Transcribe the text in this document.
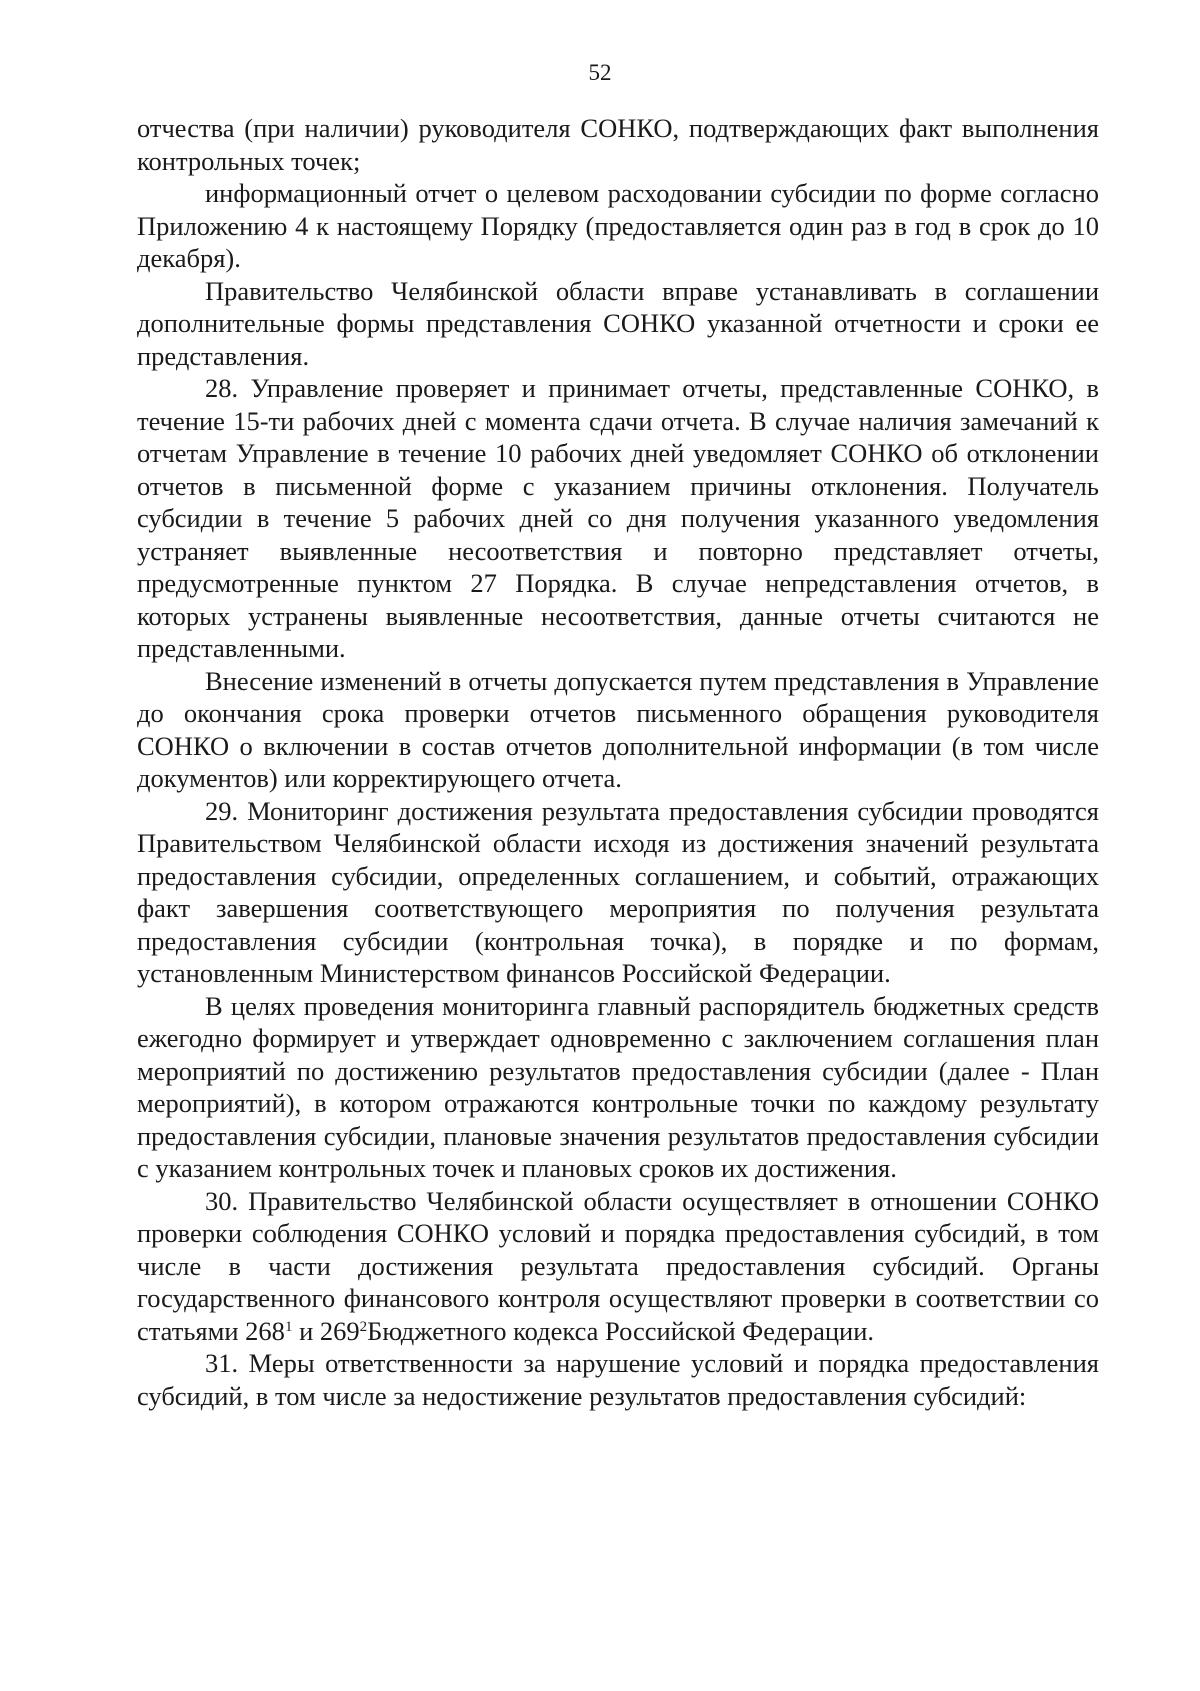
52

отчества (при наличии) руководителя СОНКО, подтверждающих факт выполнения контрольных точек;

информационный отчет о целевом расходовании субсидии по форме согласно Приложению 4 к настоящему Порядку (предоставляется один раз в год в срок до 10 декабря).

Правительство Челябинской области вправе устанавливать в соглашении дополнительные формы представления СОНКО указанной отчетности и сроки ее представления.

28. Управление проверяет и принимает отчеты, представленные СОНКО, в течение 15-ти рабочих дней с момента сдачи отчета. В случае наличия замечаний к отчетам Управление в течение 10 рабочих дней уведомляет СОНКО об отклонении отчетов в письменной форме с указанием причины отклонения. Получатель субсидии в течение 5 рабочих дней со дня получения указанного уведомления устраняет выявленные несоответствия и повторно представляет отчеты, предусмотренные пунктом 27 Порядка. В случае непредставления отчетов, в которых устранены выявленные несоответствия, данные отчеты считаются не представленными.

Внесение изменений в отчеты допускается путем представления в Управление до окончания срока проверки отчетов письменного обращения руководителя СОНКО о включении в состав отчетов дополнительной информации (в том числе документов) или корректирующего отчета.

29. Мониторинг достижения результата предоставления субсидии проводятся Правительством Челябинской области исходя из достижения значений результата предоставления субсидии, определенных соглашением, и событий, отражающих факт завершения соответствующего мероприятия по получения результата предоставления субсидии (контрольная точка), в порядке и по формам, установленным Министерством финансов Российской Федерации.

В целях проведения мониторинга главный распорядитель бюджетных средств ежегодно формирует и утверждает одновременно с заключением соглашения план мероприятий по достижению результатов предоставления субсидии (далее - План мероприятий), в котором отражаются контрольные точки по каждому результату предоставления субсидии, плановые значения результатов предоставления субсидии с указанием контрольных точек и плановых сроков их достижения.

30. Правительство Челябинской области осуществляет в отношении СОНКО проверки соблюдения СОНКО условий и порядка предоставления субсидий, в том числе в части достижения результата предоставления субсидий. Органы государственного финансового контроля осуществляют проверки в соответствии со статьями $268^1$ и $269^2Бюджетного$ кодекса Российской Федерации.

31. Меры ответственности за нарушение условий и порядка предоставления субсидий, в том числе за недостижение результатов предоставления субсидий:
